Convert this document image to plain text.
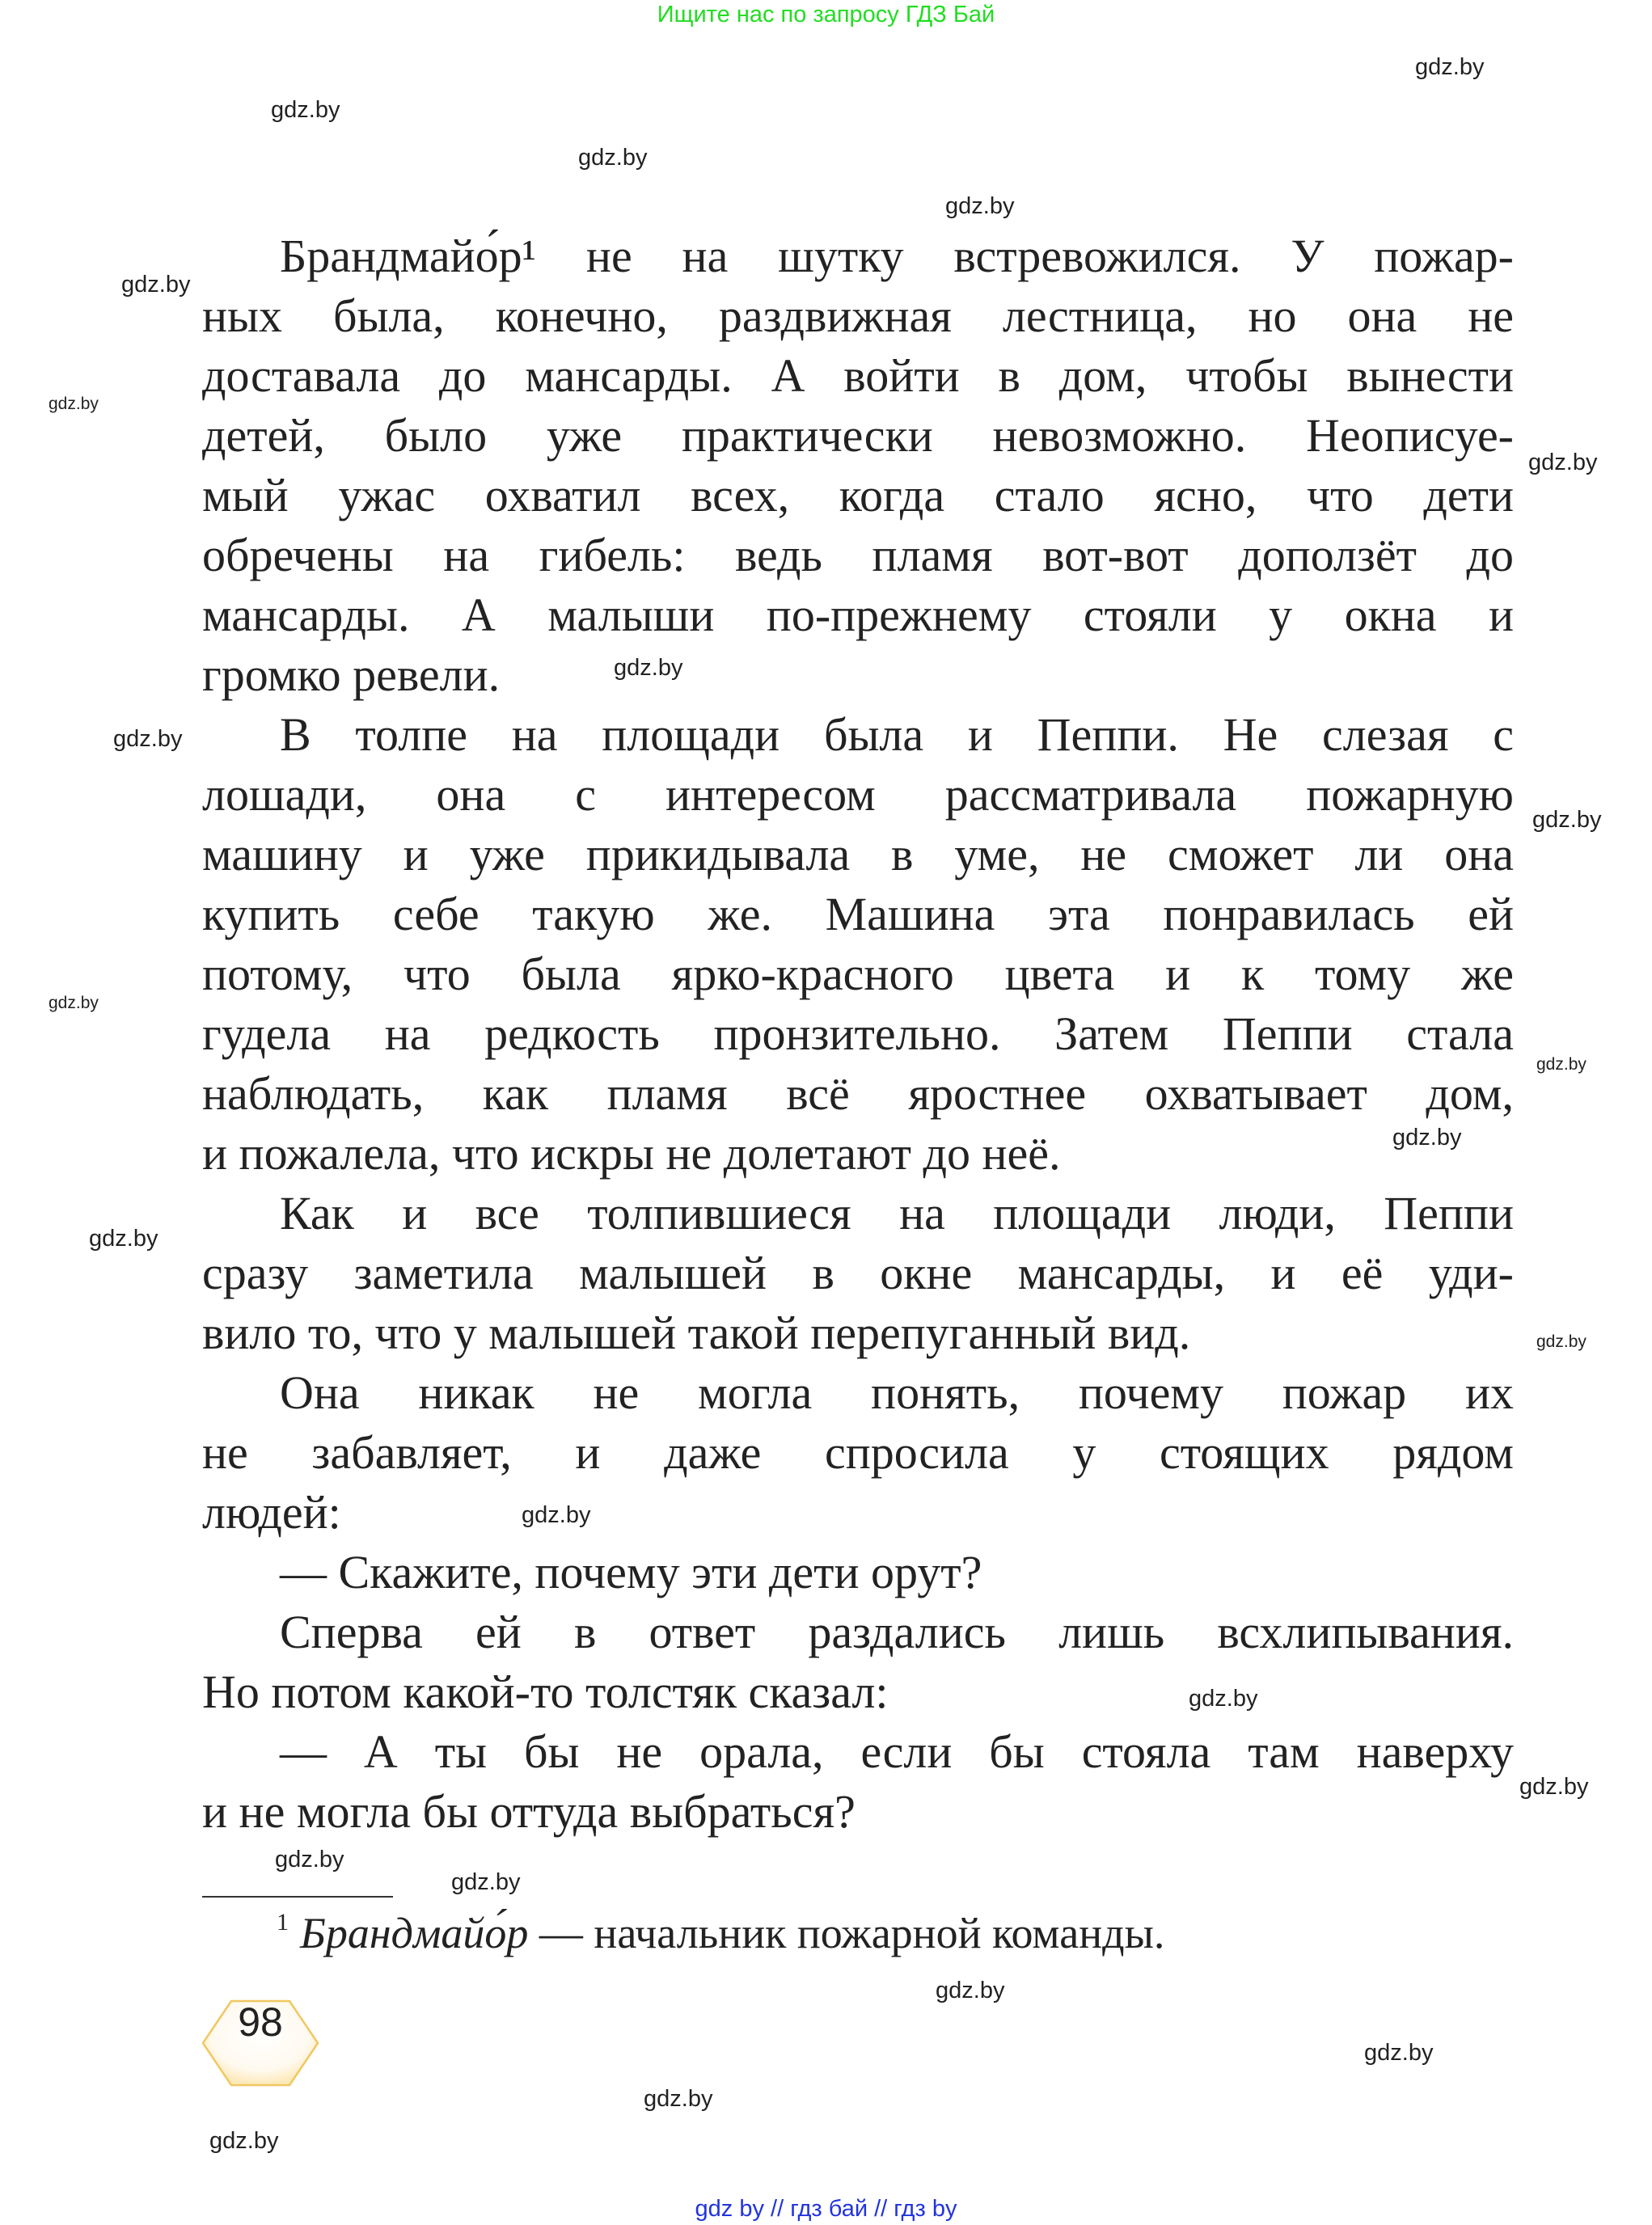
Ищите нас по запросу ГДЗ Бай
Брандмайо́р¹ не на шутку встревожился. У пожар-
ных была, конечно, раздвижная лестница, но она не
доставала до мансарды. А войти в дом, чтобы вынести
детей, было уже практически невозможно. Неописуе-
мый ужас охватил всех, когда стало ясно, что дети
обречены на гибель: ведь пламя вот-вот доползёт до
мансарды. А малыши по-прежнему стояли у окна и
громко ревели.
В толпе на площади была и Пеппи. Не слезая с
лошади, она с интересом рассматривала пожарную
машину и уже прикидывала в уме, не сможет ли она
купить себе такую же. Машина эта понравилась ей
потому, что была ярко-красного цвета и к тому же
гудела на редкость пронзительно. Затем Пеппи стала
наблюдать, как пламя всё яростнее охватывает дом,
и пожалела, что искры не долетают до неё.
Как и все толпившиеся на площади люди, Пеппи
сразу заметила малышей в окне мансарды, и её уди-
вило то, что у малышей такой перепуганный вид.
Она никак не могла понять, почему пожар их
не забавляет, и даже спросила у стоящих рядом
людей:
— Скажите, почему эти дети орут?
Сперва ей в ответ раздались лишь всхлипывания.
Но потом какой-то толстяк сказал:
— А ты бы не орала, если бы стояла там наверху
и не могла бы оттуда выбраться?
$^1$ Брандмайо́р — начальник пожарной команды.
98
gdz by // гдз бай // гдз by
gdz.by
gdz.by
gdz.by
gdz.by
gdz.by
gdz.by
gdz.by
gdz.by
gdz.by
gdz.by
gdz.by
gdz.by
gdz.by
gdz.by
gdz.by
gdz.by
gdz.by
gdz.by
gdz.by
gdz.by
gdz.by
gdz.by
gdz.by
gdz.by
